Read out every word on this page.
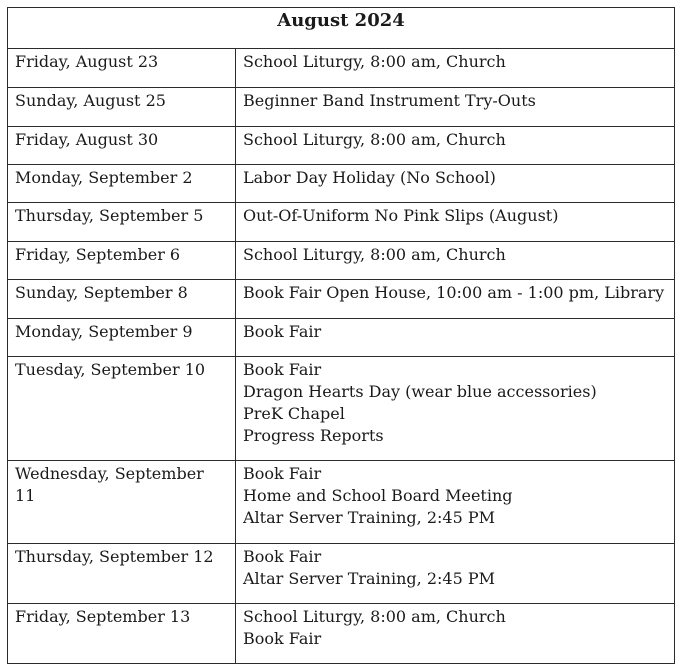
August 2024	
Friday, August 23	School Liturgy, 8:00 am, Church

Sunday, August 25	Beginner Band Instrument Try-Outs

Friday, August 30	School Liturgy, 8:00 am, Church

Monday, September 2	Labor Day Holiday (No School)

Thursday, September 5	Out-Of-Uniform No Pink Slips (August)

Friday, September 6	School Liturgy, 8:00 am, Church

Sunday, September 8	Book Fair Open House, 10:00 am - 1:00 pm, Library

Monday, September 9	Book Fair

Tuesday, September 10	Book Fair
Dragon Hearts Day (wear blue accessories)
PreK Chapel
Progress Reports

Wednesday, September 11	Book Fair
Home and School Board Meeting
Altar Server Training, 2:45 PM

Thursday, September 12	Book Fair
Altar Server Training, 2:45 PM

Friday, September 13	School Liturgy, 8:00 am, Church
Book Fair
